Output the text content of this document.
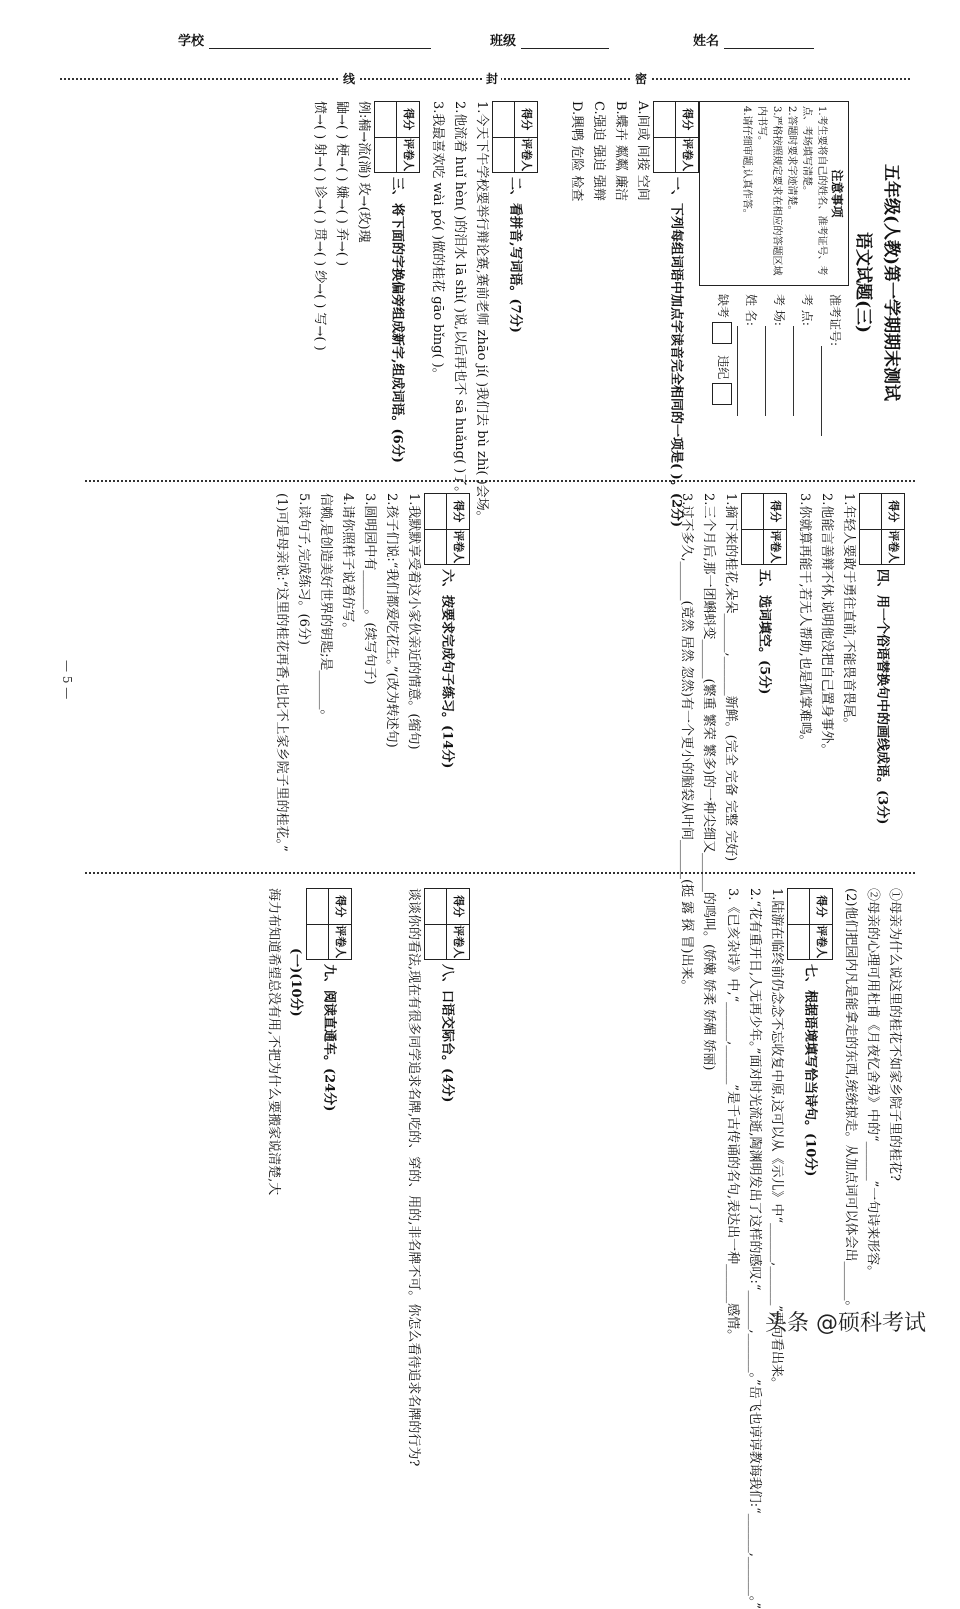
学校	班级	姓名
线	封	密
五年级(人教)第一学期期末测试
语文试题(三)
注意事项
1.考生要将自己的姓名、准考证号、考点、考场填写清楚。
2.答题时要求字迹清楚。
3.严格按照规定要求在相应的答题区域内书写。
4.请仔细审题,认真作答。
准考证号:
考 点:
考 场:
姓 名:
缺考    违纪
得分
评卷人
一、下列每组词语中加点字读音完全相同的一项是( )。(2分)
A.间或 间接 空间
B.蝶卉 粼粼 廉洁
C.强迫 强迫 强辩
D.興鸭 危险 检查
得分
评卷人
二、看拼音,写词语。(7分)
1.今天下午学校要举行辩论赛,赛前老师 zhāo jí( )我们去 bù zhì( )会场。
2.他流着 huǐ hèn( )的泪水 lā shì( )说,以后再也不 sā huǎng( )了。
3.我最喜欢吃 wài pó( )做的桂花 gāo bǐng( )。
得分
评卷人
三、将下面的字换偏旁组成新字,组成词语。(6分)
例:楠→流(淌) 玫→(玫)瑰
鼬→( ) 梗→( ) 嫌→( ) 弃→( )
愤→( ) 射→( ) 诊→( ) 贯→( ) 纱→( ) 写→( )
得分
评卷人
四、用一个俗语替换句中的画线成语。(3分)
1.年轻人要敢于勇往直前,不能畏首畏尾。
2.他能言善辩不休,说明他没把自己置身事外。
3.你就算再能干,若无人帮助,也是孤掌难鸣。
得分
评卷人
五、选词填空。(5分)
1.摘下来的桂花,朵朵______,______新鲜。(完全 完备 完整 完好)
2.三个月后,那一团蝌蚪变______(繁重 繁荣 繁多)的一种尖细又______的鸣叫。(娇嫩 娇柔 娇媚 娇丽)
3.过不多久,______(竟然 居然 忽然)有一个更小的脑袋从叶间______(挺 露 探 冒)出来。
得分
评卷人
六、按要求完成句子练习。(14分)
1.我默默享受着这小家伙亲近的情意。(缩句)
2.孩子们说:“我们都爱吃花生。”(改为转述句)
3.圆明园中有______。(续写句子)
4.请你照样子说着仿写。
信赖,是创造美好世界的钥匙;是______。
5.读句子,完成练习。(6分)
(1)可是母亲说:“这里的桂花再香,也比不上家乡院子里的桂花。”
①母亲为什么说这里的桂花不如家乡院子里的桂花?
②母亲的心理可用杜甫《月夜忆舍弟》中的“______”一句诗来形容。
(2)他们把园内凡是能拿走的东西,统统掠走。从加点词可以体会出______。
得分
评卷人
七、根据语境填写恰当诗句。(10分)
1.陆游在临终前仍念念不忘收复中原,这可以从《示儿》中“______,______”两句看出来。
2.“花有重开日,人无再少年。”面对时光流逝,陶渊明发出了这样的感叹:“______,______。”岳飞也谆谆教诲我们:“______,______。”
3.《已亥杂诗》中,“______,______”是千古传诵的名句,表达出一种______感情。
得分
评卷人
八、口语交际台。(4分)
谈谈你的看法,现在有很多同学追求名牌,吃的、穿的、用的,非名牌不可。你怎么看待追求名牌的行为?
得分
评卷人
九、阅读直通车。(24分)
(一)(10分)
海力布知道希望总没有用,不把为什么要搬家说清楚,大
— 5 —
头条 @硕科考试
